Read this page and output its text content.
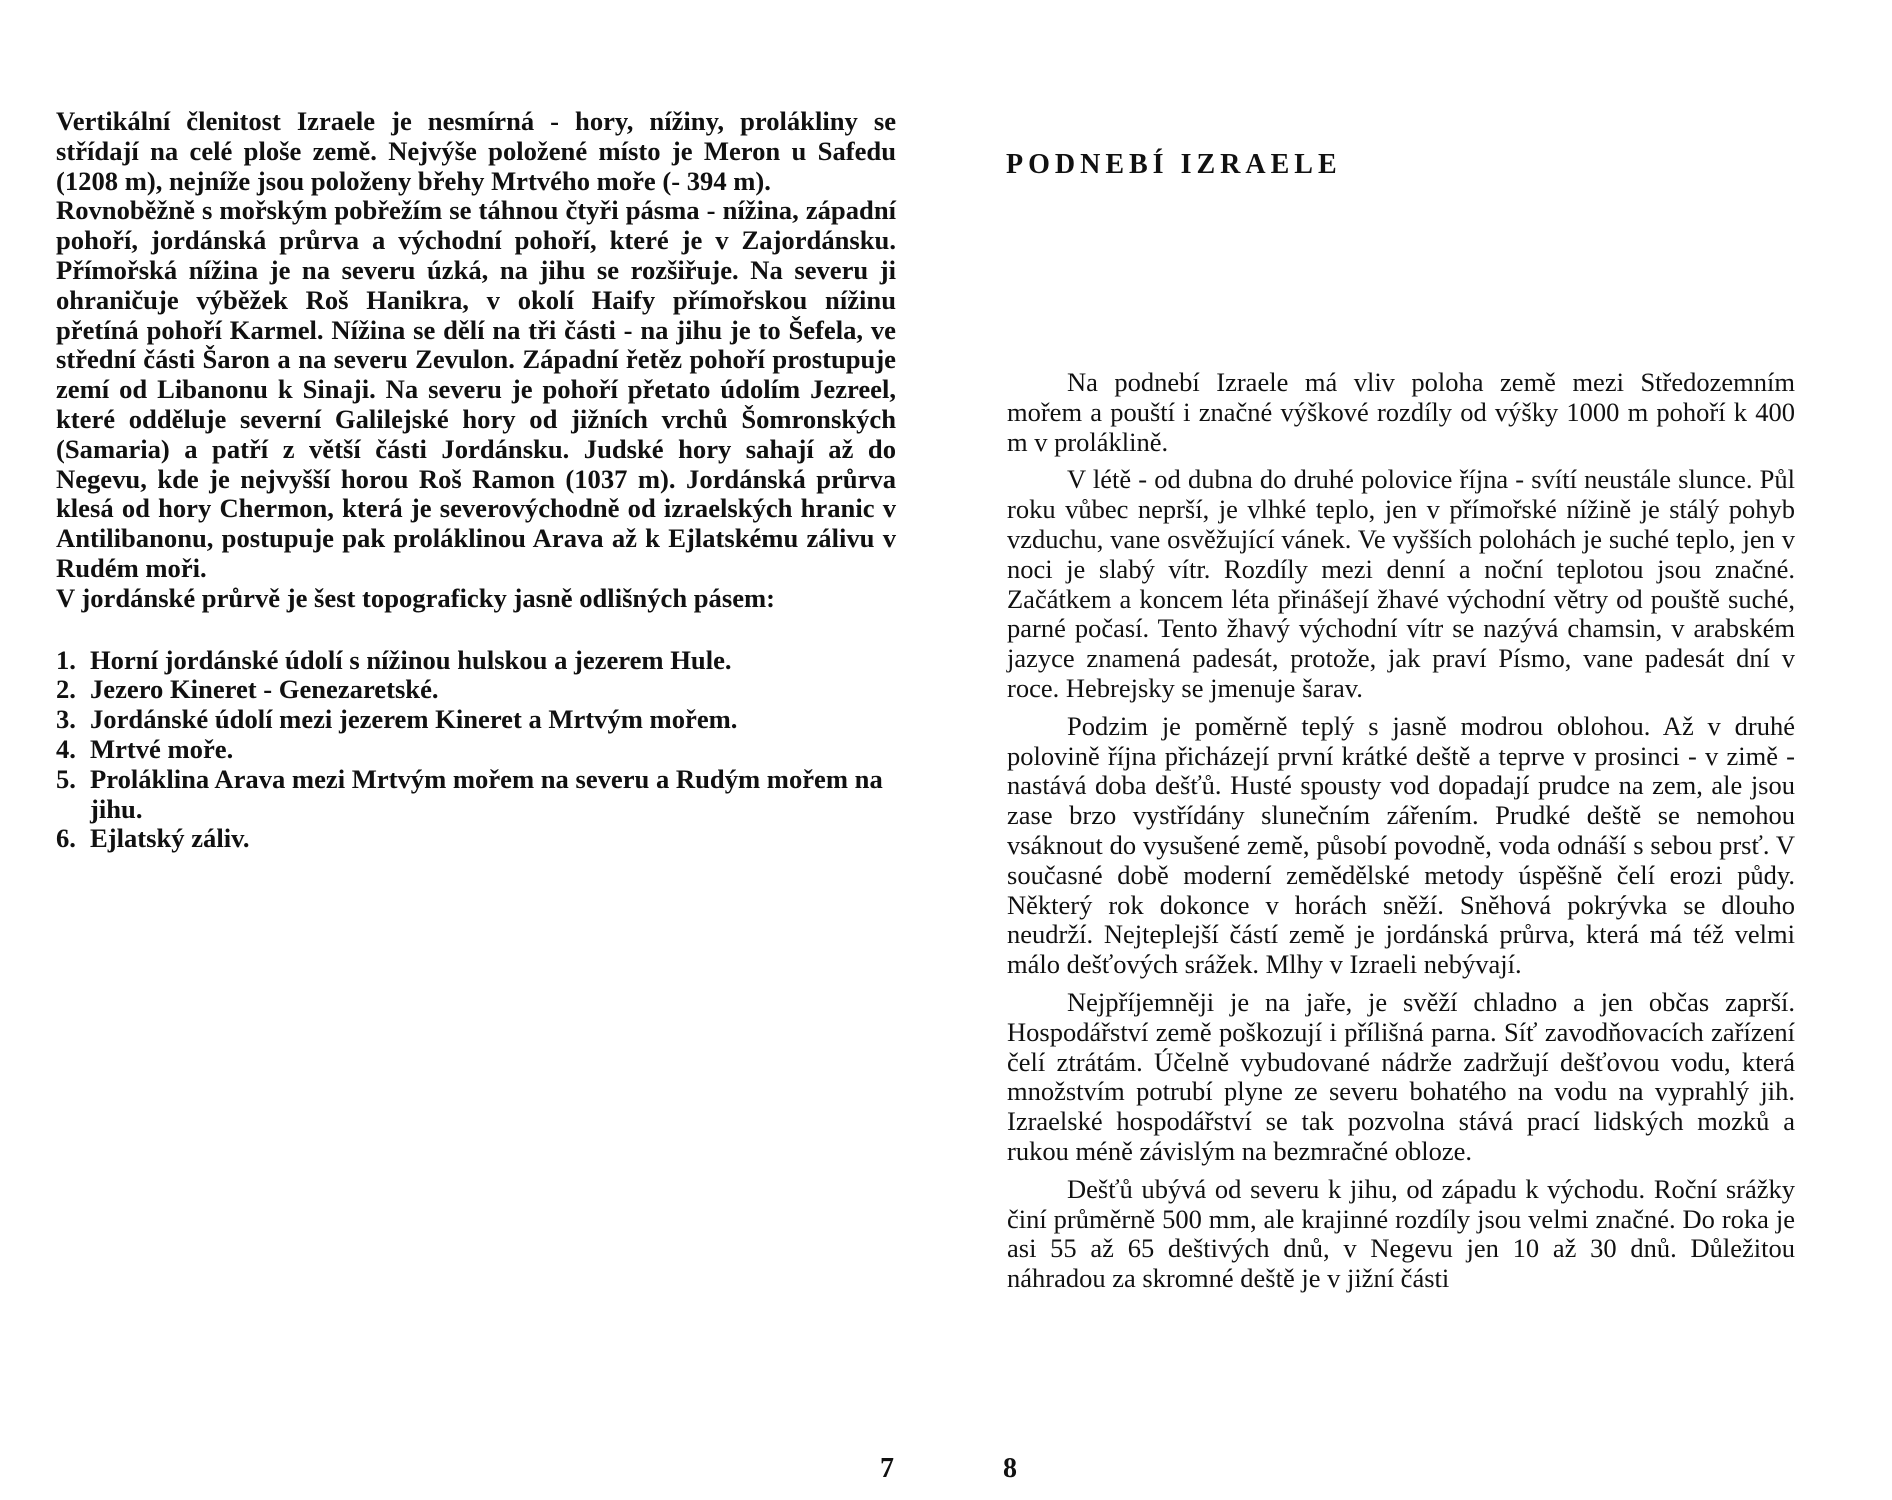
Vertikální členitost Izraele je nesmírná - hory, nížiny, prolákliny se střídají na celé ploše země. Nejvýše položené místo je Meron u Safedu (1208 m), nejníže jsou položeny břehy Mrtvého moře (- 394 m).

Rovnoběžně s mořským pobřežím se táhnou čtyři pásma - nížina, západní pohoří, jordánská průrva a východní pohoří, které je v Zajordánsku. Přímořská nížina je na severu úzká, na jihu se rozšiřuje. Na severu ji ohraničuje výběžek Roš Hanikra, v okolí Haify přímořskou nížinu přetíná pohoří Karmel. Nížina se dělí na tři části - na jihu je to Šefela, ve střední části Šaron a na severu Zevulon. Západní řetěz pohoří prostupuje zemí od Libanonu k Sinaji. Na severu je pohoří přetato údolím Jezreel, které odděluje severní Galilejské hory od jižních vrchů Šomronských (Samaria) a patří z větší části Jordánsku. Judské hory sahají až do Negevu, kde je nejvyšší horou Roš Ramon (1037 m). Jordánská průrva klesá od hory Chermon, která je severovýchodně od izraelských hranic v Antilibanonu, postupuje pak proláklinou Arava až k Ejlatskému zálivu v Rudém moři.

V jordánské průrvě je šest topograficky jasně odlišných pásem:

1. Horní jordánské údolí s nížinou hulskou a jezerem Hule.
2. Jezero Kineret - Genezaretské.
3. Jordánské údolí mezi jezerem Kineret a Mrtvým mořem.
4. Mrtvé moře.
5. Proláklina Arava mezi Mrtvým mořem na severu a Rudým mořem na jihu.
6. Ejlatský záliv.

7

PODNEBÍ IZRAELE

Na podnebí Izraele má vliv poloha země mezi Středozemním mořem a pouští i značné výškové rozdíly od výšky 1000 m pohoří k 400 m v proláklině.

V létě - od dubna do druhé polovice října - svítí neustále slunce. Půl roku vůbec neprší, je vlhké teplo, jen v přímořské nížině je stálý pohyb vzduchu, vane osvěžující vánek. Ve vyšších polohách je suché teplo, jen v noci je slabý vítr. Rozdíly mezi denní a noční teplotou jsou značné. Začátkem a koncem léta přinášejí žhavé východní větry od pouště suché, parné počasí. Tento žhavý východní vítr se nazývá chamsin, v arabském jazyce znamená padesát, protože, jak praví Písmo, vane padesát dní v roce. Hebrejsky se jmenuje šarav.

Podzim je poměrně teplý s jasně modrou oblohou. Až v druhé polovině října přicházejí první krátké deště a teprve v prosinci - v zimě - nastává doba dešťů. Husté spousty vod dopadají prudce na zem, ale jsou zase brzo vystřídány slunečním zářením. Prudké deště se nemohou vsáknout do vysušené země, působí povodně, voda odnáší s sebou prsť. V současné době moderní zemědělské metody úspěšně čelí erozi půdy. Některý rok dokonce v horách sněží. Sněhová pokrývka se dlouho neudrží. Nejteplejší částí země je jordánská průrva, která má též velmi málo dešťových srážek. Mlhy v Izraeli nebývají.

Nejpříjemněji je na jaře, je svěží chladno a jen občas zaprší. Hospodářství země poškozují i přílišná parna. Síť zavodňovacích zařízení čelí ztrátám. Účelně vybudované nádrže zadržují dešťovou vodu, která množstvím potrubí plyne ze severu bohatého na vodu na vyprahlý jih. Izraelské hospodářství se tak pozvolna stává prací lidských mozků a rukou méně závislým na bezmračné obloze.

Dešťů ubývá od severu k jihu, od západu k východu. Roční srážky činí průměrně 500 mm, ale krajinné rozdíly jsou velmi značné. Do roka je asi 55 až 65 deštivých dnů, v Negevu jen 10 až 30 dnů. Důležitou náhradou za skromné deště je v jižní části

8
